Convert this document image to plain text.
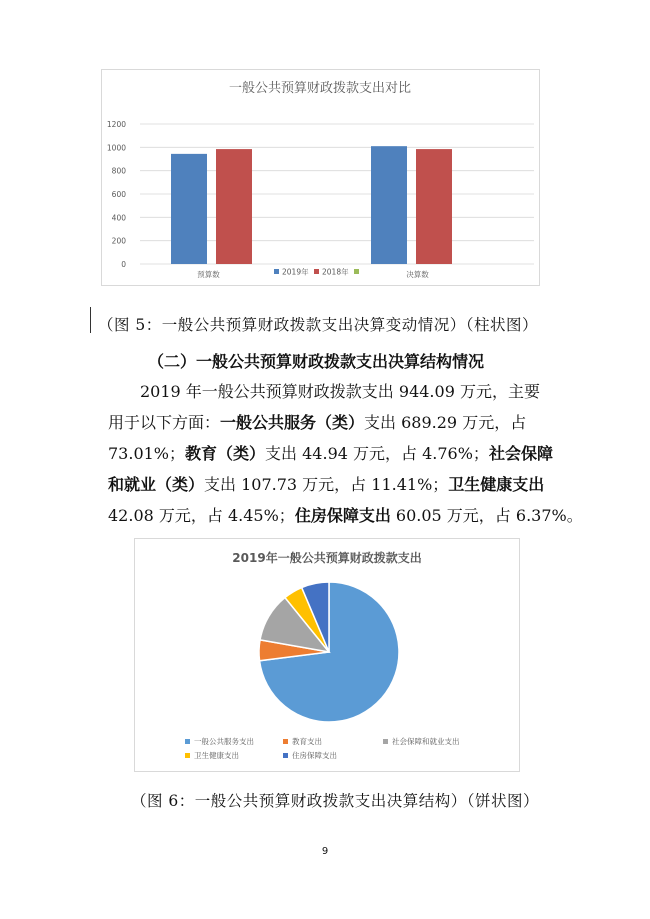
一般公共预算财政拨款支出对比
0
200
400
600
800
1000
1200
预算数	决算数
2019年 2018年
（图 5：一般公共预算财政拨款支出决算变动情况）（柱状图）
（二）一般公共预算财政拨款支出决算结构情况
2019 年一般公共预算财政拨款支出 944.09 万元，主要
用于以下方面：一般公共服务（类）支出 689.29 万元，占
73.01%；教育（类）支出 44.94 万元，占 4.76%；社会保障
和就业（类）支出 107.73 万元，占 11.41%；卫生健康支出
42.08 万元，占 4.45%；住房保障支出 60.05 万元，占 6.37%。
2019年一般公共预算财政拨款支出
一般公共服务支出	教育支出	社会保障和就业支出
卫生健康支出	住房保障支出
（图 6：一般公共预算财政拨款支出决算结构）（饼状图）
9
